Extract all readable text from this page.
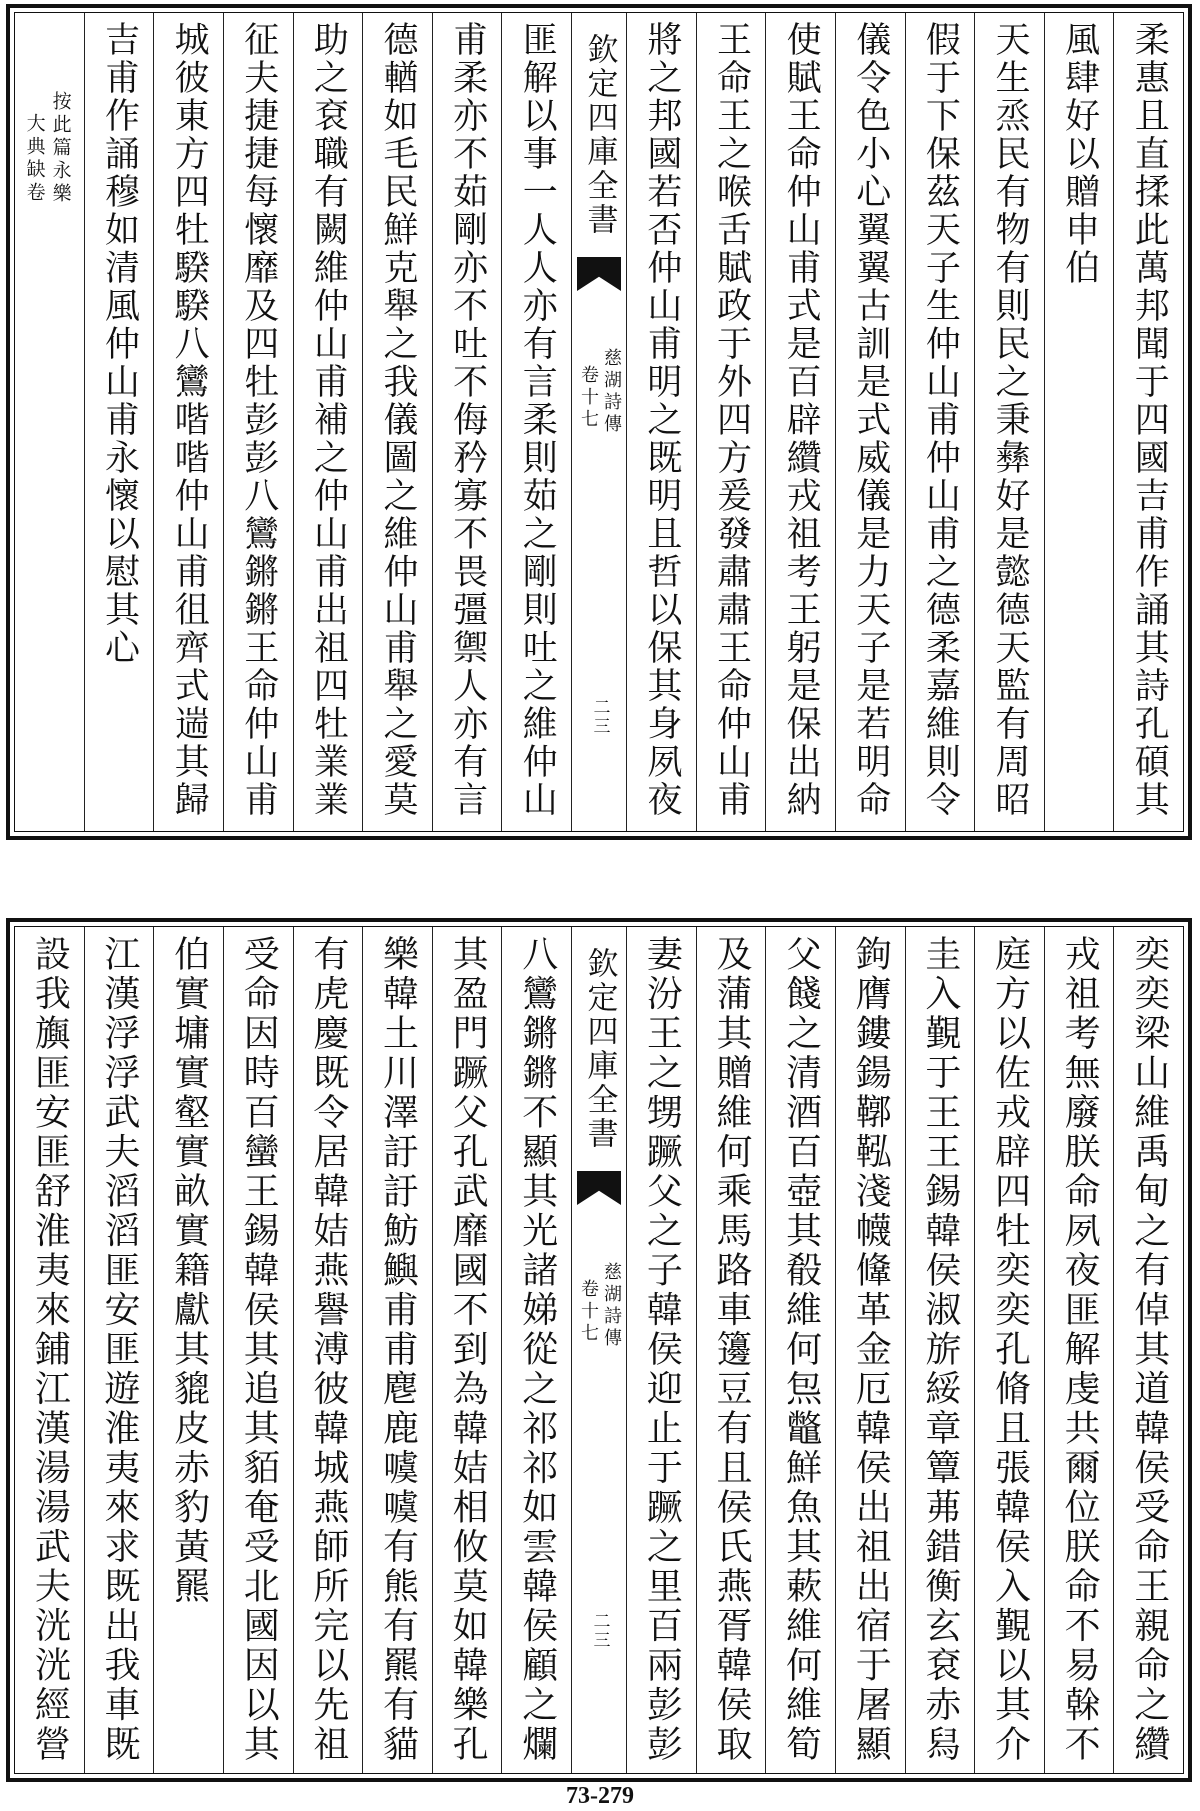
柔惠且直揉此萬邦聞于四國吉甫作誦其詩孔碩其
風肆好以贈申伯
天生烝民有物有則民之秉彝好是懿德天監有周昭
假于下保茲天子生仲山甫仲山甫之德柔嘉維則令
儀令色小心翼翼古訓是式威儀是力天子是若明命
使賦王命仲山甫式是百辟纘戎祖考王躬是保出納
王命王之喉舌賦政于外四方爰發肅肅王命仲山甫
將之邦國若否仲山甫明之既明且哲以保其身夙夜
欽定四庫全書
慈湖詩傳
卷十七
二三
匪解以事一人人亦有言柔則茹之剛則吐之維仲山
甫柔亦不茹剛亦不吐不侮矜寡不畏彊禦人亦有言
德輶如毛民鮮克舉之我儀圖之維仲山甫舉之愛莫
助之袞職有闕維仲山甫補之仲山甫出祖四牡業業
征夫捷捷每懷靡及四牡彭彭八鸞鏘鏘王命仲山甫
城彼東方四牡騤騤八鸞喈喈仲山甫徂齊式遄其歸
吉甫作誦穆如清風仲山甫永懷以慰其心
按此篇永樂
大典缺卷
奕奕梁山維禹甸之有倬其道韓侯受命王親命之纘
戎祖考無廢朕命夙夜匪解虔共爾位朕命不易榦不
庭方以佐戎辟四牡奕奕孔脩且張韓侯入覲以其介
圭入覲于王王錫韓侯淑旂綏章簟茀錯衡玄袞赤舄
鉤膺鏤鍚鞹鞃淺幭鞗革金厄韓侯出祖出宿于屠顯
父餞之清酒百壺其殽維何炰鼈鮮魚其蔌維何維筍
及蒲其贈維何乘馬路車籩豆有且侯氏燕胥韓侯取
妻汾王之甥蹶父之子韓侯迎止于蹶之里百兩彭彭
欽定四庫全書
慈湖詩傳
卷十七
二三
八鸞鏘鏘不顯其光諸娣從之祁祁如雲韓侯顧之爛
其盈門蹶父孔武靡國不到為韓姞相攸莫如韓樂孔
樂韓土川澤訏訏魴鱮甫甫麀鹿噳噳有熊有羆有貓
有虎慶既令居韓姞燕譽溥彼韓城燕師所完以先祖
受命因時百蠻王錫韓侯其追其貊奄受北國因以其
伯實墉實壑實畝實籍獻其貔皮赤豹黃羆
江漢浮浮武夫滔滔匪安匪遊淮夷來求既出我車既
設我旟匪安匪舒淮夷來鋪江漢湯湯武夫洸洸經營
73-279
